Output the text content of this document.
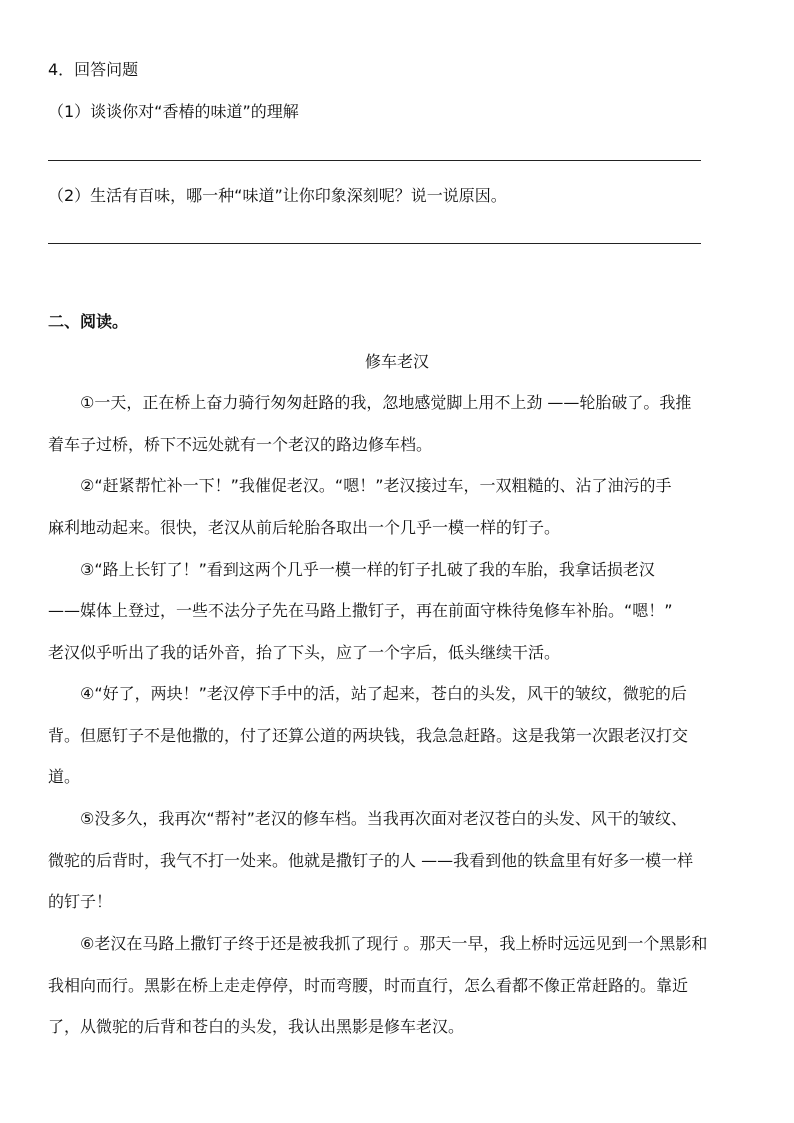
4．回答问题
（1）谈谈你对“香椿的味道”的理解
（2）生活有百味，哪一种“味道”让你印象深刻呢？说一说原因。
二、阅读。
修车老汉
　　①一天，正在桥上奋力骑行匆匆赶路的我，忽地感觉脚上用不上劲 ——轮胎破了。我推
着车子过桥，桥下不远处就有一个老汉的路边修车档。
　　②“赶紧帮忙补一下！”我催促老汉。“嗯！”老汉接过车，一双粗糙的、沾了油污的手
麻利地动起来。很快，老汉从前后轮胎各取出一个几乎一模一样的钉子。
　　③“路上长钉了！”看到这两个几乎一模一样的钉子扎破了我的车胎，我拿话损老汉
——媒体上登过，一些不法分子先在马路上撒钉子，再在前面守株待兔修车补胎。“嗯！”
老汉似乎听出了我的话外音，抬了下头，应了一个字后，低头继续干活。
　　④“好了，两块！”老汉停下手中的活，站了起来，苍白的头发，风干的皱纹，微驼的后
背。但愿钉子不是他撒的，付了还算公道的两块钱，我急急赶路。这是我第一次跟老汉打交
道。
　　⑤没多久，我再次“帮衬”老汉的修车档。当我再次面对老汉苍白的头发、风干的皱纹、
微驼的后背时，我气不打一处来。他就是撒钉子的人 ——我看到他的铁盒里有好多一模一样
的钉子！
　　⑥老汉在马路上撒钉子终于还是被我抓了现行 。那天一早，我上桥时远远见到一个黑影和
我相向而行。黑影在桥上走走停停，时而弯腰，时而直行，怎么看都不像正常赶路的。靠近
了，从微驼的后背和苍白的头发，我认出黑影是修车老汉。
